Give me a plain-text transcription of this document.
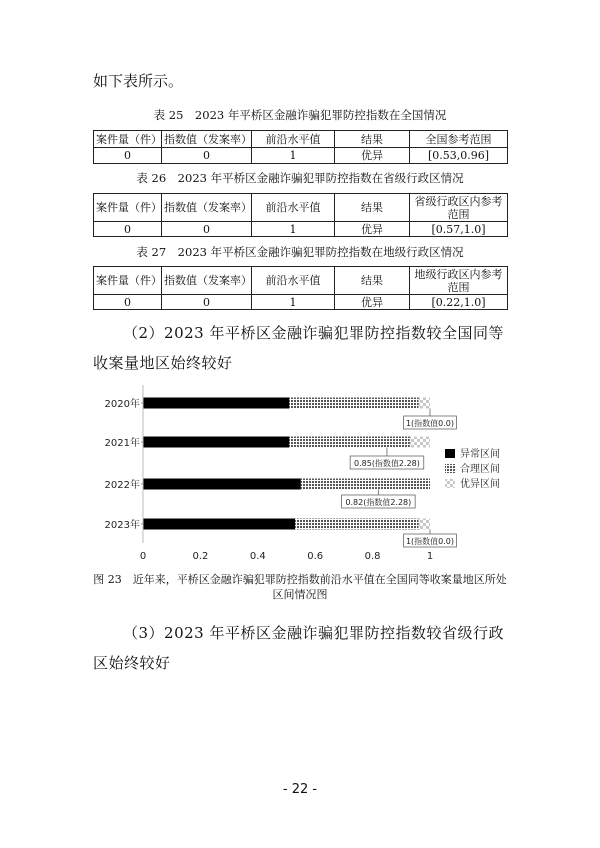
如下表所示。
表 25　2023 年平桥区金融诈骗犯罪防控指数在全国情况
案件量（件）	指数值（发案率）	前沿水平值	结果	全国参考范围
0	0	1	优异	[0.53,0.96]
表 26　2023 年平桥区金融诈骗犯罪防控指数在省级行政区情况
案件量（件）	指数值（发案率）	前沿水平值	结果	省级行政区内参考范围
0	0	1	优异	[0.57,1.0]
表 27　2023 年平桥区金融诈骗犯罪防控指数在地级行政区情况
案件量（件）	指数值（发案率）	前沿水平值	结果	地级行政区内参考范围
0	0	1	优异	[0.22,1.0]
（2）2023 年平桥区金融诈骗犯罪防控指数较全国同等收案量地区始终较好
2020年
2021年
2022年
2023年
0	0.2	0.4	0.6	0.8	1
1(指数值0.0)
0.85(指数值2.28)
0.82(指数值2.28)
1(指数值0.0)
异常区间
合理区间
优异区间
图 23　近年来，平桥区金融诈骗犯罪防控指数前沿水平值在全国同等收案量地区所处
区间情况图
（3）2023 年平桥区金融诈骗犯罪防控指数较省级行政区始终较好
- 22 -
